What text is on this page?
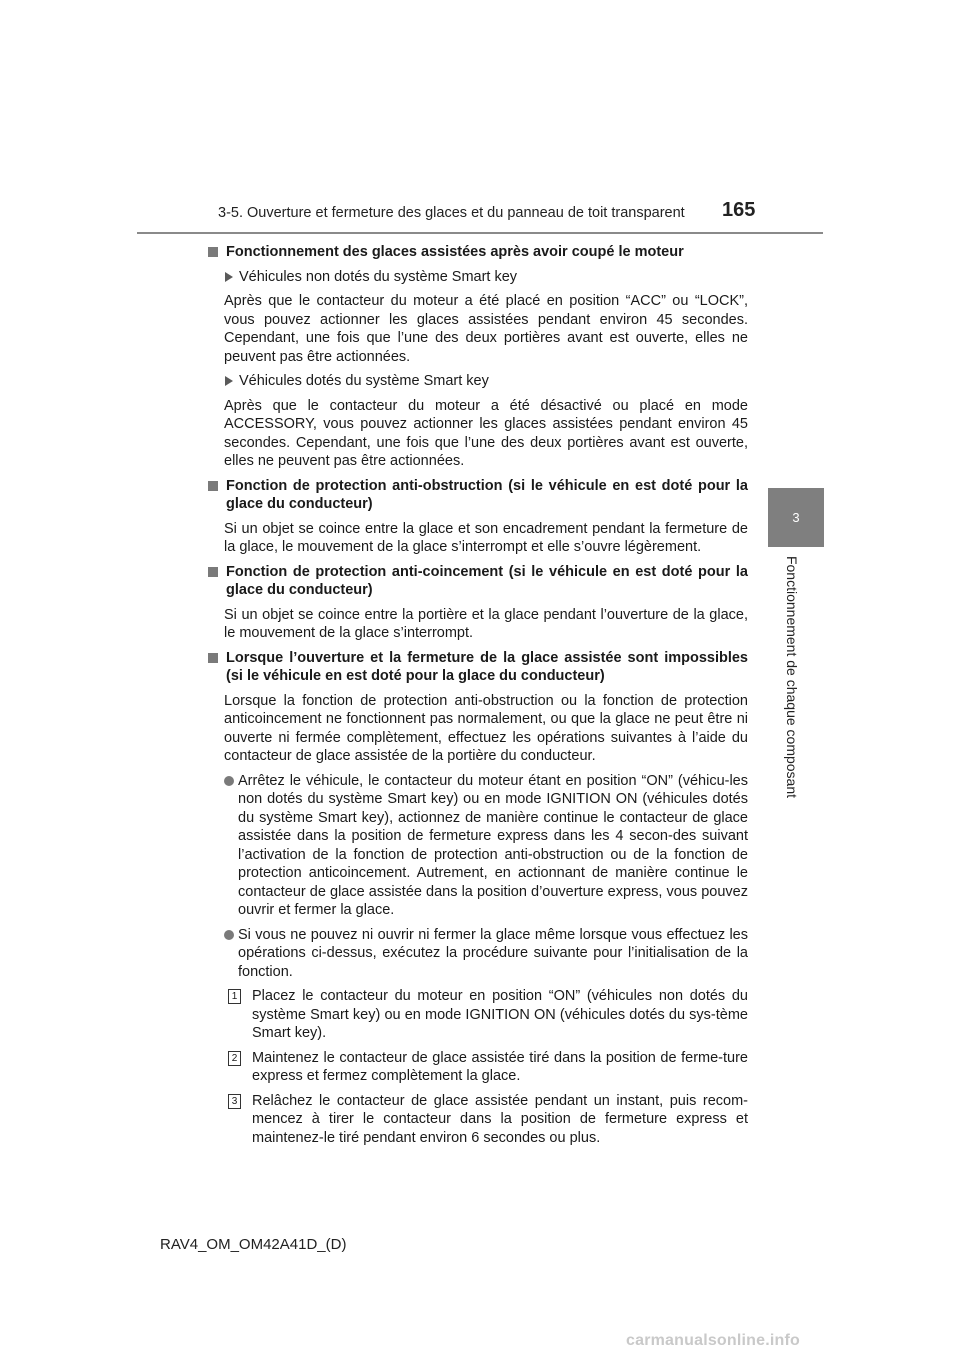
3-5. Ouverture et fermeture des glaces et du panneau de toit transparent 165
3
Fonctionnement de chaque composant
Fonctionnement des glaces assistées après avoir coupé le moteur
Véhicules non dotés du système Smart key
Après que le contacteur du moteur a été placé en position “ACC” ou “LOCK”, vous pouvez actionner les glaces assistées pendant environ 45 secondes. Cependant, une fois que l’une des deux portières avant est ouverte, elles ne peuvent pas être actionnées.
Véhicules dotés du système Smart key
Après que le contacteur du moteur a été désactivé ou placé en mode ACCESSORY, vous pouvez actionner les glaces assistées pendant environ 45 secondes. Cependant, une fois que l’une des deux portières avant est ouverte, elles ne peuvent pas être actionnées.
Fonction de protection anti-obstruction (si le véhicule en est doté pour la glace du conducteur)
Si un objet se coince entre la glace et son encadrement pendant la fermeture de la glace, le mouvement de la glace s’interrompt et elle s’ouvre légèrement.
Fonction de protection anti-coincement (si le véhicule en est doté pour la glace du conducteur)
Si un objet se coince entre la portière et la glace pendant l’ouverture de la glace, le mouvement de la glace s’interrompt.
Lorsque l’ouverture et la fermeture de la glace assistée sont impossibles (si le véhicule en est doté pour la glace du conducteur)
Lorsque la fonction de protection anti-obstruction ou la fonction de protection anticoincement ne fonctionnent pas normalement, ou que la glace ne peut être ni ouverte ni fermée complètement, effectuez les opérations suivantes à l’aide du contacteur de glace assistée de la portière du conducteur.
Arrêtez le véhicule, le contacteur du moteur étant en position “ON” (véhicu-les non dotés du système Smart key) ou en mode IGNITION ON (véhicules dotés du système Smart key), actionnez de manière continue le contacteur de glace assistée dans la position de fermeture express dans les 4 secon-des suivant l’activation de la fonction de protection anti-obstruction ou de la fonction de protection anticoincement. Autrement, en actionnant de manière continue le contacteur de glace assistée dans la position d’ouverture express, vous pouvez ouvrir et fermer la glace.
Si vous ne pouvez ni ouvrir ni fermer la glace même lorsque vous effectuez les opérations ci-dessus, exécutez la procédure suivante pour l’initialisation de la fonction.
1 Placez le contacteur du moteur en position “ON” (véhicules non dotés du système Smart key) ou en mode IGNITION ON (véhicules dotés du sys-tème Smart key).
2 Maintenez le contacteur de glace assistée tiré dans la position de ferme-ture express et fermez complètement la glace.
3 Relâchez le contacteur de glace assistée pendant un instant, puis recom-mencez à tirer le contacteur dans la position de fermeture express et maintenez-le tiré pendant environ 6 secondes ou plus.
RAV4_OM_OM42A41D_(D)
carmanualsonline.info
